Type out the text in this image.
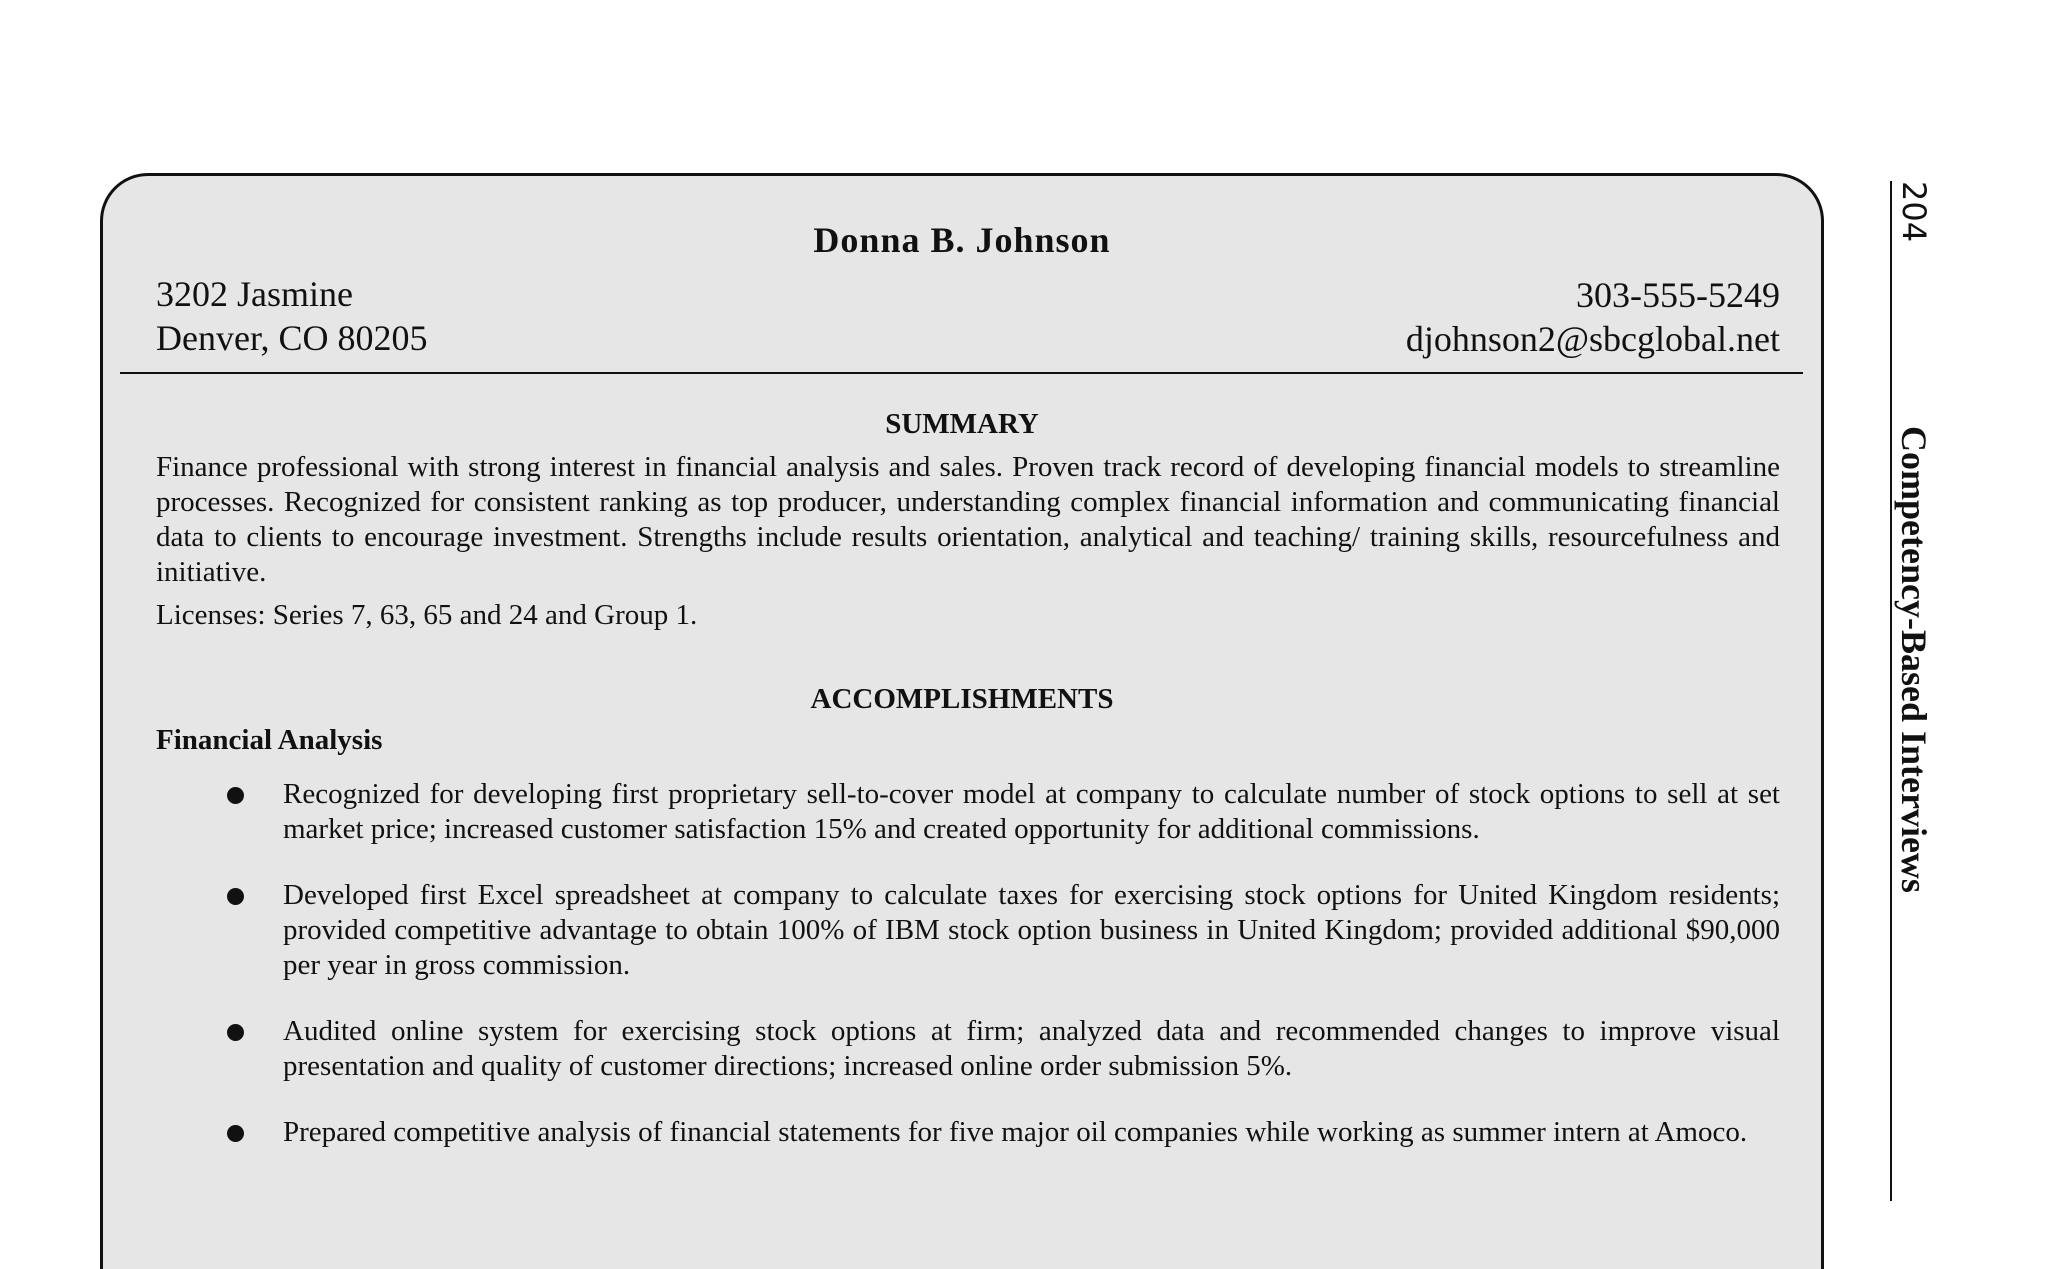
Donna B. Johnson
3202 Jasmine
Denver, CO 80205
303-555-5249
djohnson2@sbcglobal.net
SUMMARY
Finance professional with strong interest in financial analysis and sales. Proven track record of developing financial models to streamline processes. Recognized for consistent ranking as top producer, understanding complex financial information and communicating financial data to clients to encourage investment. Strengths include results orientation, analytical and teaching/ training skills, resourcefulness and initiative.
Licenses: Series 7, 63, 65 and 24 and Group 1.
ACCOMPLISHMENTS
Financial Analysis
Recognized for developing first proprietary sell-to-cover model at company to calculate number of stock options to sell at set market price; increased customer satisfaction 15% and created opportunity for additional commissions.
Developed first Excel spreadsheet at company to calculate taxes for exercising stock options for United Kingdom residents; provided competitive advantage to obtain 100% of IBM stock option business in United Kingdom; provided additional $90,000 per year in gross commission.
Audited online system for exercising stock options at firm; analyzed data and recommended changes to improve visual presentation and quality of customer directions; increased online order submission 5%.
Prepared competitive analysis of financial statements for five major oil companies while working as summer intern at Amoco.
204
Competency-Based Interviews
